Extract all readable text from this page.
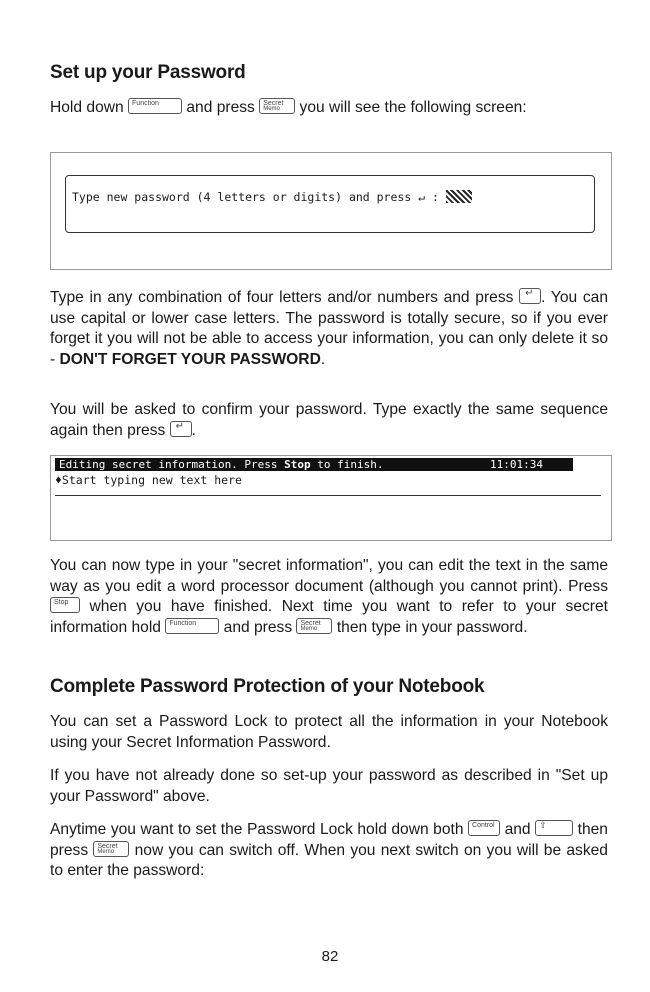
Set up your Password
Hold down Function and press Secret
Memo you will see the following screen:
Type new password (4 letters or digits) and press ↵ :
Type in any combination of four letters and/or numbers and press ↵ . You can use capital or lower case letters. The password is totally secure, so if you ever forget it you will not be able to access your information, you can only delete it so - DON'T FORGET YOUR PASSWORD.
You will be asked to confirm your password. Type exactly the same sequence again then press ↵ .
Editing secret information. Press Stop to finish.	11:01:34
♦Start typing new text here
You can now type in your "secret information", you can edit the text in the same way as you edit a word processor document (although you cannot print). Press
Stop when you have finished. Next time you want to refer to your secret information hold Function and press Secret
Memo then type in your password.
Complete Password Protection of your Notebook
You can set a Password Lock to protect all the information in your Notebook using your Secret Information Password.
If you have not already done so set-up your password as described in "Set up your Password" above.
Anytime you want to set the Password Lock hold down both Control and ⇧ then press Secret
Memo now you can switch off. When you next switch on you will be asked to enter the password:
82
